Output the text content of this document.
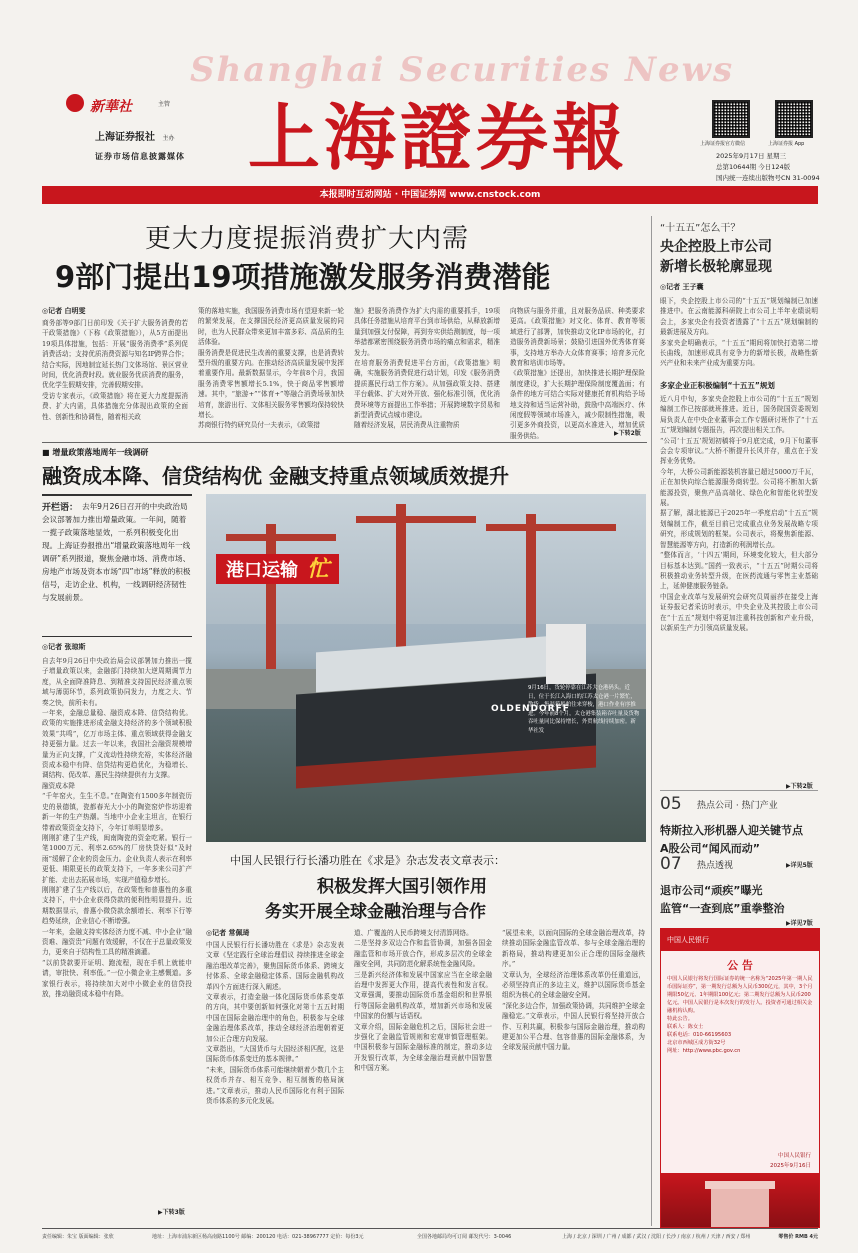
Shanghai Securities News
新華社	主管
上海证券报社 主办
证券市场信息披露媒体 上海證券報	上海证券报官方微信	上海证券报 App
2025年9月17日 星期三
总第10644期 今日124版
国内统一连续出版物号CN 31-0094
本报即时互动网站 · 中国证券网 www.cnstock.com
更大力度提振消费扩大内需
9部门提出19项措施激发服务消费潜能
◎记者 白明雯
商务部等9部门日前印发《关于扩大服务消费的若干政策措施》（下称《政策措施》），从5方面提出19项具体措施，包括：开展“服务消费季”系列促消费活动；支持优质消费资源与知名IP跨界合作；结合实际，因地制宜延长热门文体场馆、景区营业时间，优化消费时段。就业服务优质消费的服务，优化学生假期安排，完善假期安排。
受访专家表示，《政策措施》将在更大力度提振消费、扩大内需，具体措施充分体现出政策的全面性、创新性和协调性，随着相关政
策的落地实施，我国服务消费市场有望迎来新一轮的繁荣发展，在支撑国民经济更高质量发展的同时，也为人民群众带来更加丰富多彩、高品质的生活体验。
服务消费是促进民生改善的重要支撑，也是消费转型升级的重要方向。在推动经济高质量发展中发挥着重要作用。最新数据显示，今年前8个月，我国服务消费零售额增长5.1%，快于商品零售额增速。其中，“旅游+”“体育+”等融合消费场景加快培育，旅游出行、文体相关服务零售额均保持较快增长。
苏商银行特约研究员付一夫表示，《政策措
施》把服务消费作为扩大内需的重要抓手，19项具体任务措施从培育平台到市场供给，从释放新增量到加强支付保障，再到夯实供给测制度，每一项举措都紧密围绕服务消费市场的痛点和需求，精准发力。
在培育服务消费促进平台方面，《政策措施》明确，实施服务消费促进行动计划，印发《服务消费提质惠民行动工作方案》。从加强政策支持、搭建平台载体、扩大对外开放、强化标准引领，优化消费环境等方面提出工作举措；开展跨境数字贸易和新型消费试点城市建设。
随着经济发展，居民消费从注重物质
向物质与服务并重，且对服务品质、种类要求更高。《政策措施》对文化、体育、教育等领域进行了部署，加快推动文化IP市场的化，打造服务消费新场景；鼓励引进国外优秀体育赛事，支持地方举办大众体育赛事；培育多元化教育和培训市场等。
《政策措施》还提出，加快推进长期护理保险制度建设，扩大长期护理保险制度覆盖面；有条件的地方可结合实际对健康托育机构给予场地支持和适当运营补助，鼓励中高端医疗、休闲度假等领域市场准入，减少限制性措施，吸引更多外商投资，以更高水准进入，增加优质服务供给。	▶下转2版
■ 增量政策落地周年一线调研
融资成本降、信贷结构优 金融支持重点领域质效提升
开栏语： 去年9月26日召开的中央政治局会议部署加力推出增量政策。一年间，随着一揽子政策落地显效，一系列积极变化出现。上海证券报推出“增量政策落地周年一线调研”系列报道，聚焦金融市场、消费市场、房地产市场及资本市场“四”市场”释放的积极信号，走访企业、机构，一线调研经济韧性与发展前景。
◎记者 张琼斯
自去年9月26日中央政治局会议部署加力推出一揽子增量政策以来，金融部门持续加大逆周期调节力度，从全面降准降息、到精准支持国民经济重点领域与薄弱环节，系列政策协同发力，力度之大、节奏之快，前所未有。
一年来，金融总量稳、融资成本降、信贷结构优。政策的实施推进形成金融支持经济的多个领域积极效果“共鸣”，亿万市场主体、重点领域获得金融支持更强力量。过去一年以来，我国社会融资规模增量为正向支撑，广义流动性持续充裕，实体经济融资成本稳中有降、信贷结构更趋优化，为稳增长、调结构、促改革、惠民生持续提供有力支撑。
融资成本降
“千年窑火，生生不息。”在陶瓷有1500多年制瓷历史的景德镇，瓷都春光大小小的陶瓷窑炉作坊迎着新一年的生产热潮。当地中小企业主坦言，在银行带着政策资金支持下，今年订单明显增多。
刚刚扩建了生产线，闽南陶瓷的资金吃紧。银行一笔1000万元、利率2.65%的厂房快贷好似“及时雨”缓解了企业的资金压力。企业负责人表示在利率更低、期限更长的政策支持下，一年多来公司扩产扩能、走出去拓展市场，实现产值稳步增长。
刚刚扩建了生产线以后，在政策性和普惠性的多重支持下，中小企业获得贷款的便利性明显提升。近期数据显示，普惠小微贷款余额增长、利率下行等趋势延续，企业信心不断增强。
一年来，金融支持实体经济力度不减、中小企业“融资难、融资贵”问题有效缓解，不仅在于总量政策发力，更来自于结构性工具的精准滴灌。
“以前贷款要开证明、跑流程，现在手机上就能申请，审批快、利率低。”一位小微企业主感慨道。多家银行表示，将持续加大对中小微企业的信贷投放，推动融资成本稳中有降。
▶下转3版
OLDENDORFF
港口运输 忙
9月16日，货轮停靠在江苏大仓港码头。近日，位于长江入海口的江苏太仓港一片繁忙，散货、集装箱船舶往来穿梭，港口作业有序推进。今年前8个月，太仓港集装箱吞吐量及货物吞吐量同比保持增长，外贸航线持续加密。新华社发
中国人民银行行长潘功胜在《求是》杂志发表文章表示：
积极发挥大国引领作用
务实开展全球金融治理与合作
◎记者 常佩琦
中国人民银行行长潘功胜在《求是》杂志发表文章《坚定践行全球治理倡议 持续推进全球金融治理改革完善》，聚焦国际货币体系、跨境支付体系、全球金融稳定体系、国际金融机构改革四个方面进行深入阐述。
文章表示，打造金融一体化国际货币体系变革的方向，其中要创新如何强化对第十五五时期中国在国际金融治理中的角色，积极参与全球金融治理体系改革，推动全球经济治理朝着更加公正合理方向发展。
文章指出，“大国货币与大国经济相匹配，这是国际货币体系变迁的基本规律。”
“未来，国际货币体系可能继续朝着少数几个主权货币并存、相互竞争、相互制衡的格局演进。”文章表示，推动人民币国际化有利于国际货币体系的多元化发展。
道、广覆盖的人民币跨境支付清算网络。
二是坚持多双边合作和监管协调，加强各国金融监管和市场开放合作，形成多层次的全球金融安全网，共同防范化解系统性金融风险。
三是新兴经济体和发展中国家应当在全球金融治理中发挥更大作用，提高代表性和发言权。文章强调，要推动国际货币基金组织和世界银行等国际金融机构改革，增加新兴市场和发展中国家的份额与话语权。
文章介绍，国际金融危机之后，国际社会进一步强化了金融监管规则和宏观审慎管理框架。中国积极参与国际金融标准的制定，推动多边开发银行改革，为全球金融治理贡献中国智慧和中国方案。
“展望未来，以面向国际的全球金融治理改革，持续推动国际金融监管改革、参与全球金融治理的新格局，推动构建更加公正合理的国际金融秩序。”
文章认为，全球经济治理体系改革仍任重道远，必须坚持真正的多边主义，维护以国际货币基金组织为核心的全球金融安全网。
“深化多边合作，加强政策协调，共同维护全球金融稳定。”文章表示，中国人民银行将坚持开放合作、互利共赢，积极参与国际金融治理，推动构建更加公平合理、包容普惠的国际金融体系，为全球发展贡献中国力量。
“十五五”怎么干？
央企控股上市公司
新增长极轮廓显现
◎记者 王子囊
眼下，央企控股上市公司的“十五五”规划编制已加速推进中。在云南能源科研院上市公司上半年业绩说明会上，多家央企有投资者透露了“十五五”规划编制的最新进展及方向。
多家央企明确表示，“十五五”期间将加快打造第二增长曲线，加速形成具有竞争力的新增长极，战略性新兴产业和未来产业成为重要方向。
多家企业正积极编制“十五五”规划
近八月中旬，多家央企控股上市公司的“十五五”规划编制工作已按部就班推进。近日，国务院国资委规划局负责人在中央企业董事会工作专题研讨班作了“十五五”规划编制专题报告，再次提出相关工作。
“公司‘十五五’规划初稿将于9月底完成，9月下旬董事会会专项审议。”大桥不断提升长风并存，重点在于发挥业务优势。
今年，大桥公司新能源装机容量已超过5000万千瓦，正在加快向综合能源服务商转型。公司将不断加大新能源投资，聚焦产品高端化、绿色化和智能化转型发展。
据了解，湖北能源已于2025年一季度启动“十五五”规划编制工作，截至目前已完成重点业务发展战略专项研究，形成规划的框架。公司表示，将聚焦新能源、智慧能源等方向，打造新的利润增长点。
“整体而言，‘十四五’期间，环境变化较大，但大部分目标基本达到。”国药一致表示，“十五五”时期公司将积极推动业务转型升级，在医药流通与零售主业基础上，延伸健康服务链条。
中国企业改革与发展研究会研究员周丽莎在接受上海证券报记者采访时表示，中央企业及其控股上市公司在“十五五”规划中将更加注重科技创新和产业升级，以新质生产力引领高质量发展。
▶下转2版
05 热点公司 · 热门产业
特斯拉入形机器人迎关键节点
A股公司“闻风而动”
▶详见5版
07 热点透视
退市公司“顽疾”曝光
监管“一查到底”重拳整治
▶详见7版
中国人民银行
公 告
中国人民银行将发行国际证券的统一名称为“2025年第一期人民币国际证券”，第一期发行总额为人民币300亿元，其中，3个月期限50亿元、1年期限100亿元；第二期发行总额为人民币200亿元。中国人民银行是本次发行的发行人。投资者可通过相关金融机构认购。
特此公告。
联系人：陈女士
联系电话：010-66195603
北京市西城区成方街32号
网址：http://www.pbc.gov.cn
中国人民银行
2025年9月16日
责任编辑：朱宝 版面编辑：张欣	地址：上海市浦东新区杨高南路1100号 邮编：200120 电话：021-38967777 定价：每份3元	全国各地邮局均可订阅 邮发代号：3-0046	上海 / 北京 / 深圳 / 广州 / 成都 / 武汉 / 沈阳 / 长沙 / 南京 / 杭州 / 天津 / 西安 / 郑州	零售价 RMB 4元
